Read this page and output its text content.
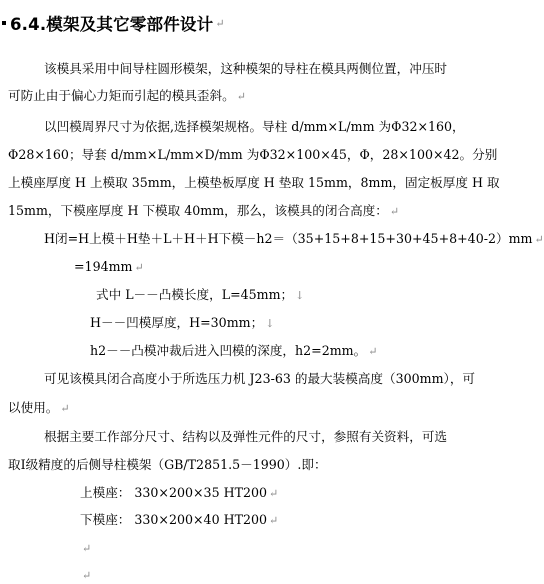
6.4.模架及其它零部件设计 ↵
该模具采用中间导柱圆形模架，这种模架的导柱在模具两侧位置，冲压时
可防止由于偏心力矩而引起的模具歪斜。 ↵
以凹模周界尺寸为依据,选择模架规格。导柱 d/mm×L/mm 为Φ32×160，
Φ28×160；导套 d/mm×L/mm×D/mm 为Φ32×100×45，Φ，28×100×42。分别
上模座厚度 H 上模取 35mm，上模垫板厚度 H 垫取 15mm，8mm，固定板厚度 H 取
15mm，下模座厚度 H 下模取 40mm，那么，该模具的闭合高度： ↵
H闭=H上模＋H垫＋L＋H＋H下模－h2＝（35+15+8+15+30+45+8+40-2）mm ↵
=194mm ↵
式中 L－－凸模长度，L=45mm； ↓
H－－凹模厚度，H=30mm； ↓
h2－－凸模冲裁后进入凹模的深度，h2=2mm。 ↵
可见该模具闭合高度小于所选压力机 J23-63 的最大装模高度（300mm），可
以使用。 ↵
根据主要工作部分尺寸、结构以及弹性元件的尺寸，参照有关资料，可选
取Ⅰ级精度的后侧导柱模架（GB/T2851.5－1990）.即：
上模座： 330×200×35 HT200 ↵
下模座： 330×200×40 HT200 ↵
↵
↵
